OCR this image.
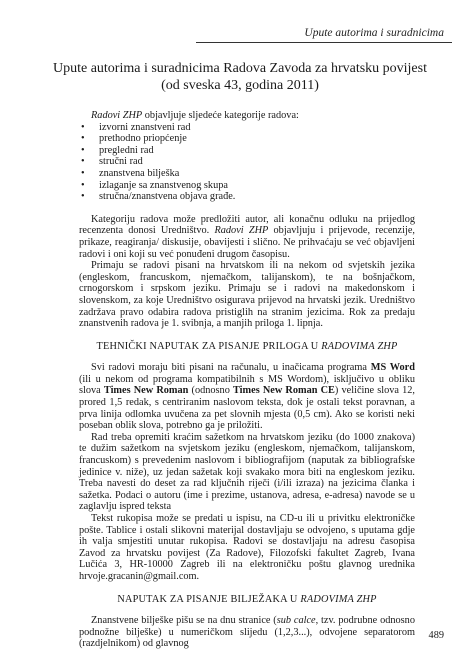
Upute autorima i suradnicima
Upute autorima i suradnicima Radova Zavoda za hrvatsku povijest
(od sveska 43, godina 2011)

Radovi ZHP objavljuje sljedeće kategorije radova:

• izvorni znanstveni rad
• prethodno priopćenje
• pregledni rad
• stručni rad
• znanstvena bilješka
• izlaganje sa znanstvenog skupa
• stručna/znanstvena objava građe.

Kategoriju radova može predložiti autor, ali konačnu odluku na prijedlog recenzenta donosi Uredništvo. Radovi ZHP objavljuju i prijevode, recenzije, prikaze, reagiranja/ diskusije, obavijesti i slično. Ne prihvaćaju se već objavljeni radovi i oni koji su već ponuđeni drugom časopisu.

Primaju se radovi pisani na hrvatskom ili na nekom od svjetskih jezika (engleskom, francuskom, njemačkom, talijanskom), te na bošnjačkom, crnogorskom i srpskom jeziku. Primaju se i radovi na makedonskom i slovenskom, za koje Uredništvo osigurava prijevod na hrvatski jezik. Uredništvo zadržava pravo odabira radova pristiglih na stranim jezicima. Rok za predaju znanstvenih radova je 1. svibnja, a manjih priloga 1. lipnja.

TEHNIČKI NAPUTAK ZA PISANJE PRILOGA U RADOVIMA ZHP

Svi radovi moraju biti pisani na računalu, u inačicama programa MS Word (ili u nekom od programa kompatibilnih s MS Wordom), isključivo u obliku slova Times New Roman (odnosno Times New Roman CE) veličine slova 12, prored 1,5 redak, s centriranim naslovom teksta, dok je ostali tekst poravnan, a prva linija odlomka uvučena za pet slovnih mjesta (0,5 cm). Ako se koristi neki poseban oblik slova, potrebno ga je priložiti.

Rad treba opremiti kraćim sažetkom na hrvatskom jeziku (do 1000 znakova) te dužim sažetkom na svjetskom jeziku (engleskom, njemačkom, talijanskom, francuskom) s prevedenim naslovom i bibliografijom (naputak za bibliografske jedinice v. niže), uz jedan sažetak koji svakako mora biti na engleskom jeziku. Treba navesti do deset za rad ključnih riječi (i/ili izraza) na jezicima članka i sažetka. Podaci o autoru (ime i prezime, ustanova, adresa, e-adresa) navode se u zaglavlju ispred teksta

Tekst rukopisa može se predati u ispisu, na CD-u ili u privitku elektroničke pošte. Tablice i ostali slikovni materijal dostavljaju se odvojeno, s uputama gdje ih valja smjestiti unutar rukopisa. Radovi se dostavljaju na adresu časopisa Zavod za hrvatsku povijest (Za Radove), Filozofski fakultet Zagreb, Ivana Lučića 3, HR-10000 Zagreb ili na elektroničku poštu glavnog urednika hrvoje.gracanin@gmail.com.

NAPUTAK ZA PISANJE BILJEŽAKA U RADOVIMA ZHP

Znanstvene bilješke pišu se na dnu stranice (sub calce, tzv. podrubne odnosno podnožne bilješke) u numeričkom slijedu (1,2,3...), odvojene separatorom (razdjelnikom) od glavnog

489
